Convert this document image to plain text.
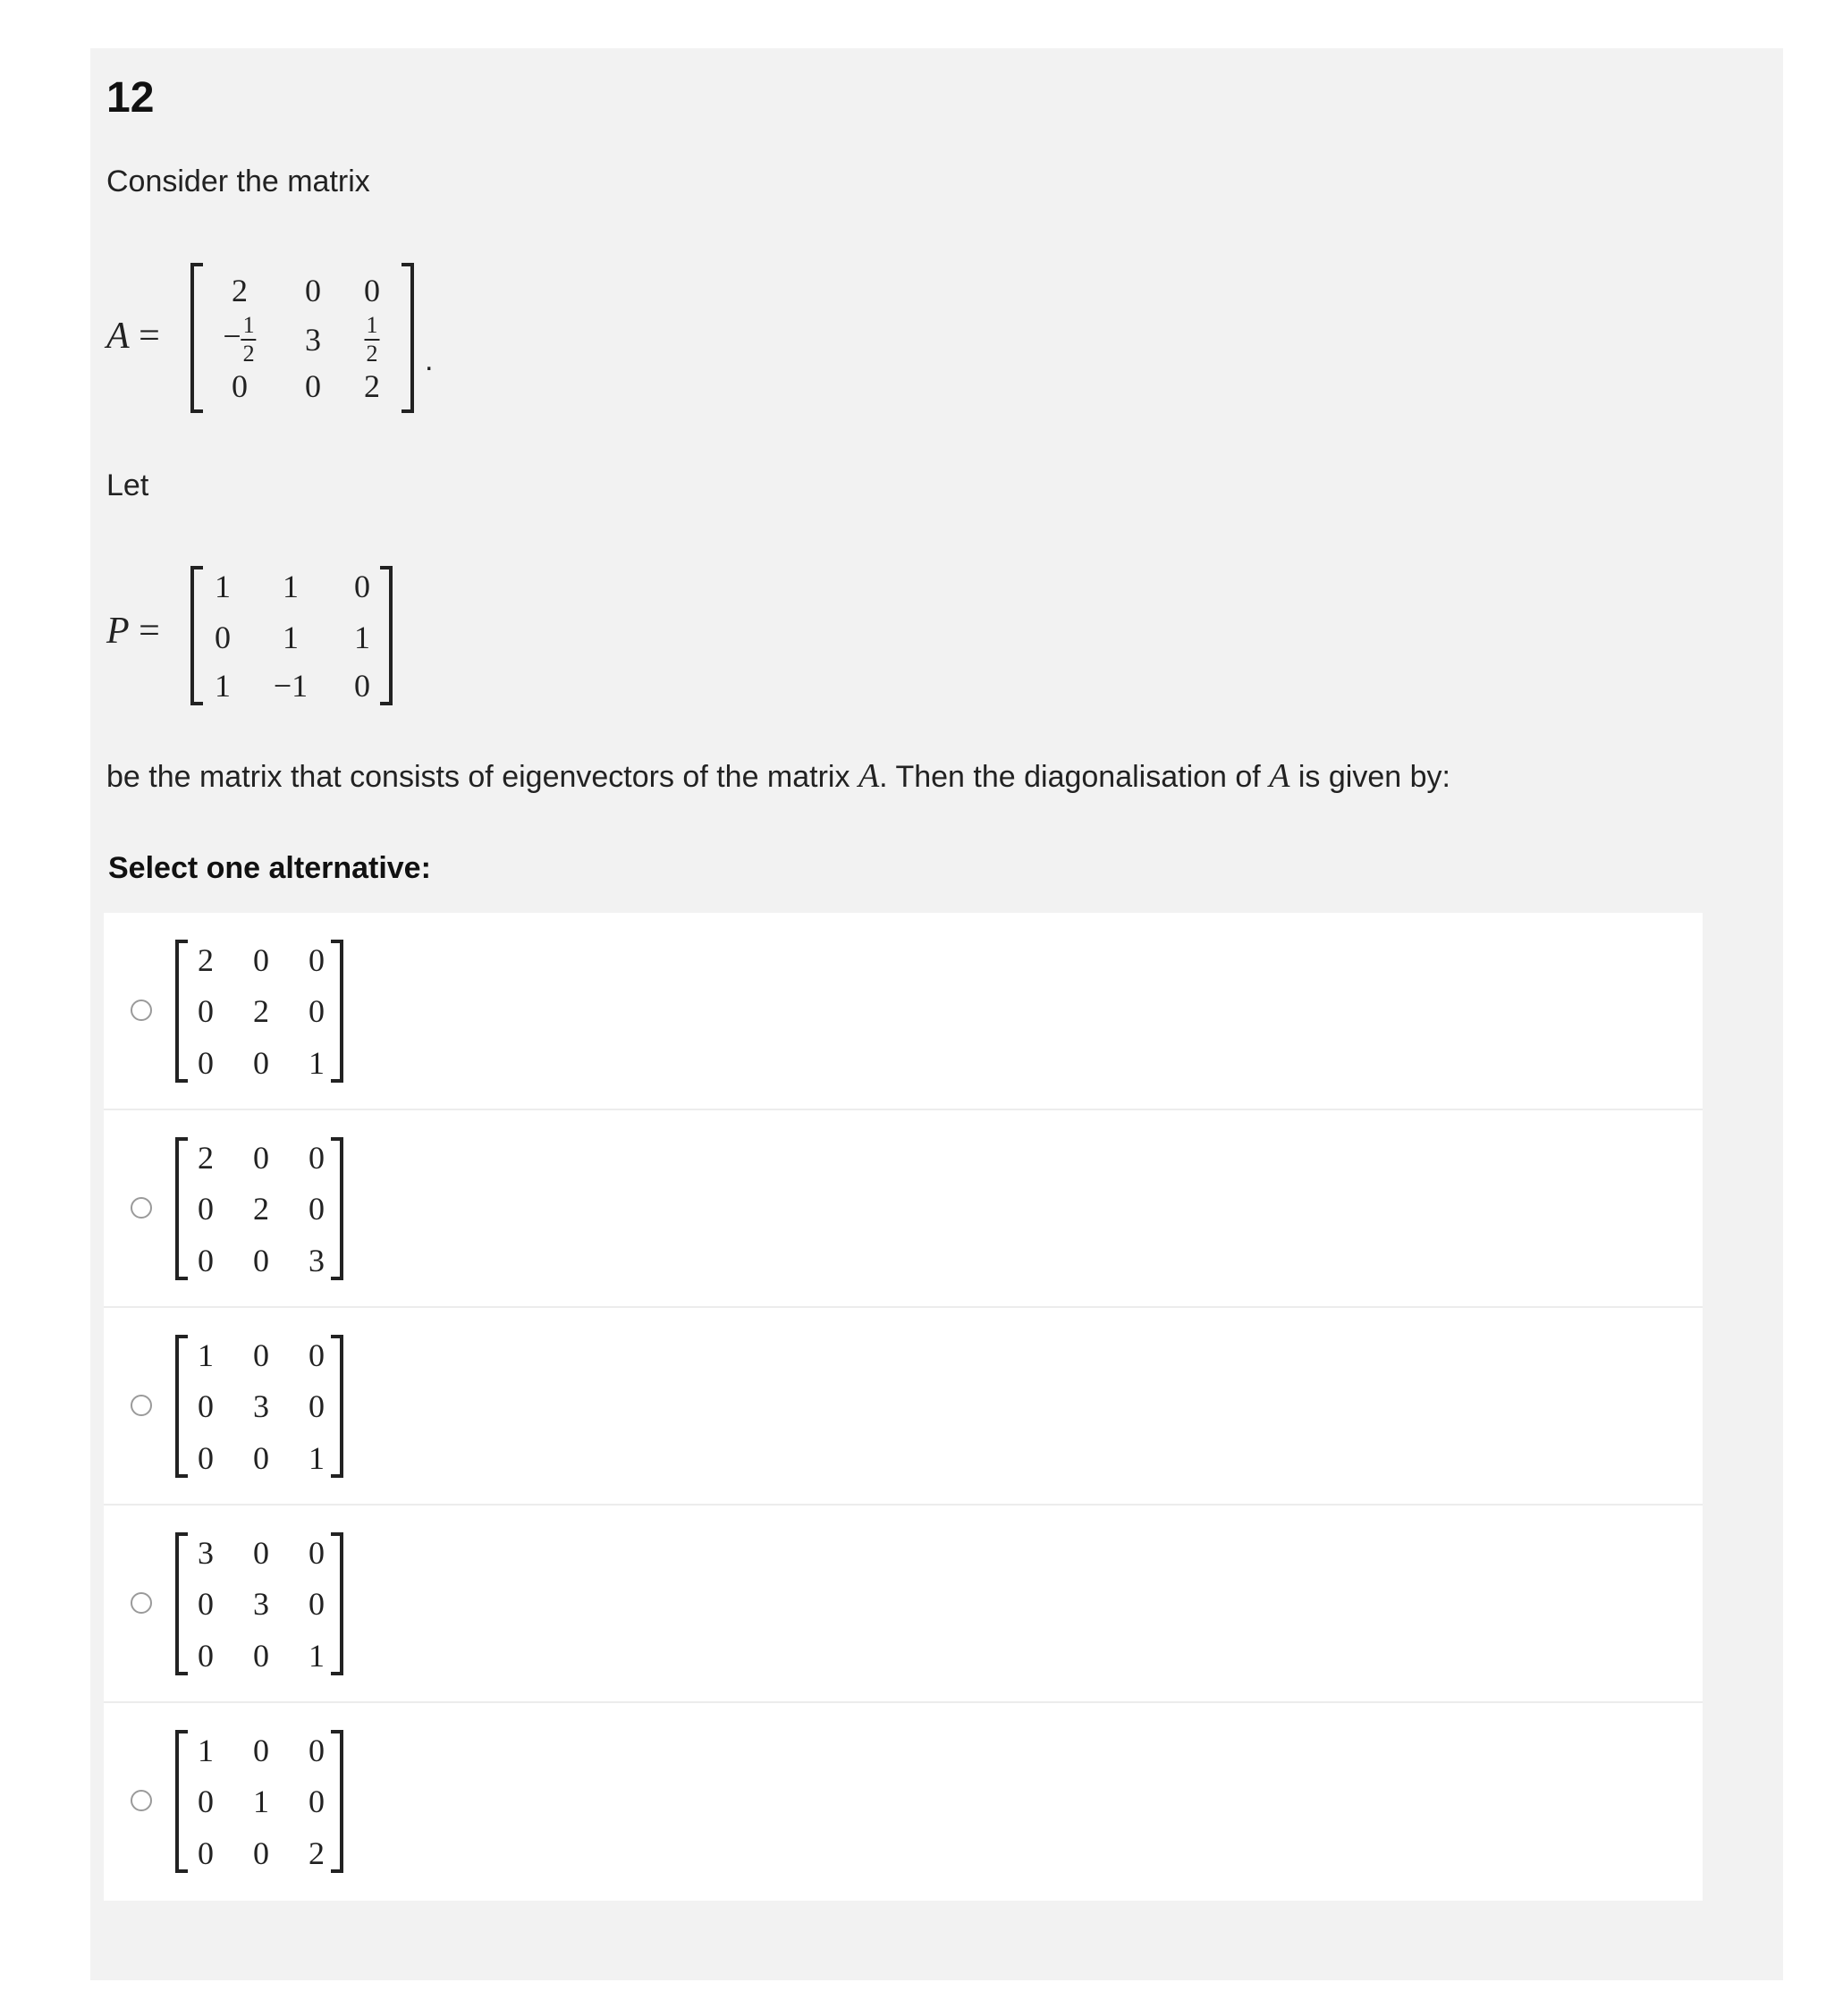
12
Consider the matrix
A =
2 0 0
− $\frac{1}{2} 3 \frac{1}{2}$
0 0 2
.
Let
P =
1 1 0
0 1 1
1 −1 0
be the matrix that consists of eigenvectors of the matrix A. Then the diagonalisation of A is given by:
Select one alternative:
2 0 0
0 2 0
0 0 1
2 0 0
0 2 0
0 0 3
1 0 0
0 3 0
0 0 1
3 0 0
0 3 0
0 0 1
1 0 0
0 1 0
0 0 2
